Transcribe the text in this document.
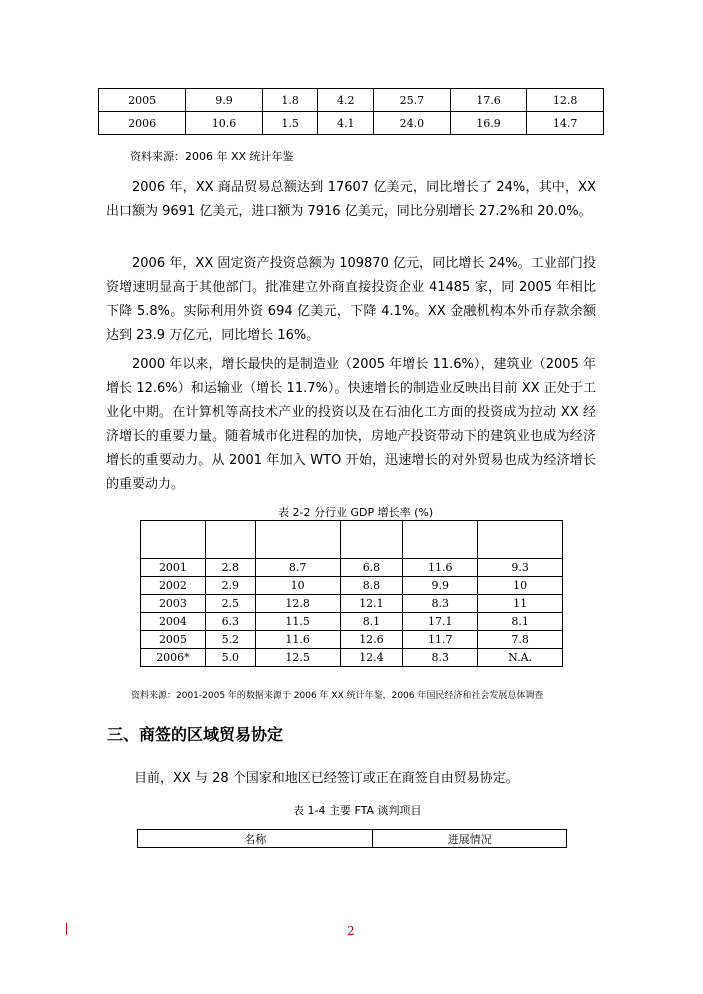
2005	9.9	1.8	4.2	25.7	17.6	12.8
2006	10.6	1.5	4.1	24.0	16.9	14.7
资料来源：2006 年 XX 统计年鉴
2006 年，XX 商品贸易总额达到 17607 亿美元，同比增长了 24%，其中，XX 出口额为 9691 亿美元，进口额为 7916 亿美元，同比分别增长 27.2%和 20.0%。
2006 年，XX 固定资产投资总额为 109870 亿元，同比增长 24%。工业部门投资增速明显高于其他部门。批准建立外商直接投资企业 41485 家，同 2005 年相比下降 5.8%。实际利用外资 694 亿美元，下降 4.1%。XX 金融机构本外币存款余额达到 23.9 万亿元，同比增长 16%。
2000 年以来，增长最快的是制造业（2005 年增长 11.6%），建筑业（2005 年增长 12.6%）和运输业（增长 11.7%）。快速增长的制造业反映出目前 XX 正处于工业化中期。在计算机等高技术产业的投资以及在石油化工方面的投资成为拉动 XX 经济增长的重要力量。随着城市化进程的加快，房地产投资带动下的建筑业也成为经济增长的重要动力。从 2001 年加入 WTO 开始，迅速增长的对外贸易也成为经济增长的重要动力。
表 2-2 分行业 GDP 增长率 (%)

2001	2.8	8.7	6.8	11.6	9.3
2002	2.9	10	8.8	9.9	10
2003	2.5	12.8	12.1	8.3	11
2004	6.3	11.5	8.1	17.1	8.1
2005	5.2	11.6	12.6	11.7	7.8
2006*	5.0	12.5	12.4	8.3	N.A.
资料来源：2001-2005 年的数据来源于 2006 年 XX 统计年鉴，2006 年国民经济和社会发展总体调查
三、商签的区域贸易协定
目前，XX 与 28 个国家和地区已经签订或正在商签自由贸易协定。
表 1-4 主要 FTA 谈判项目
名称	进展情况
2
